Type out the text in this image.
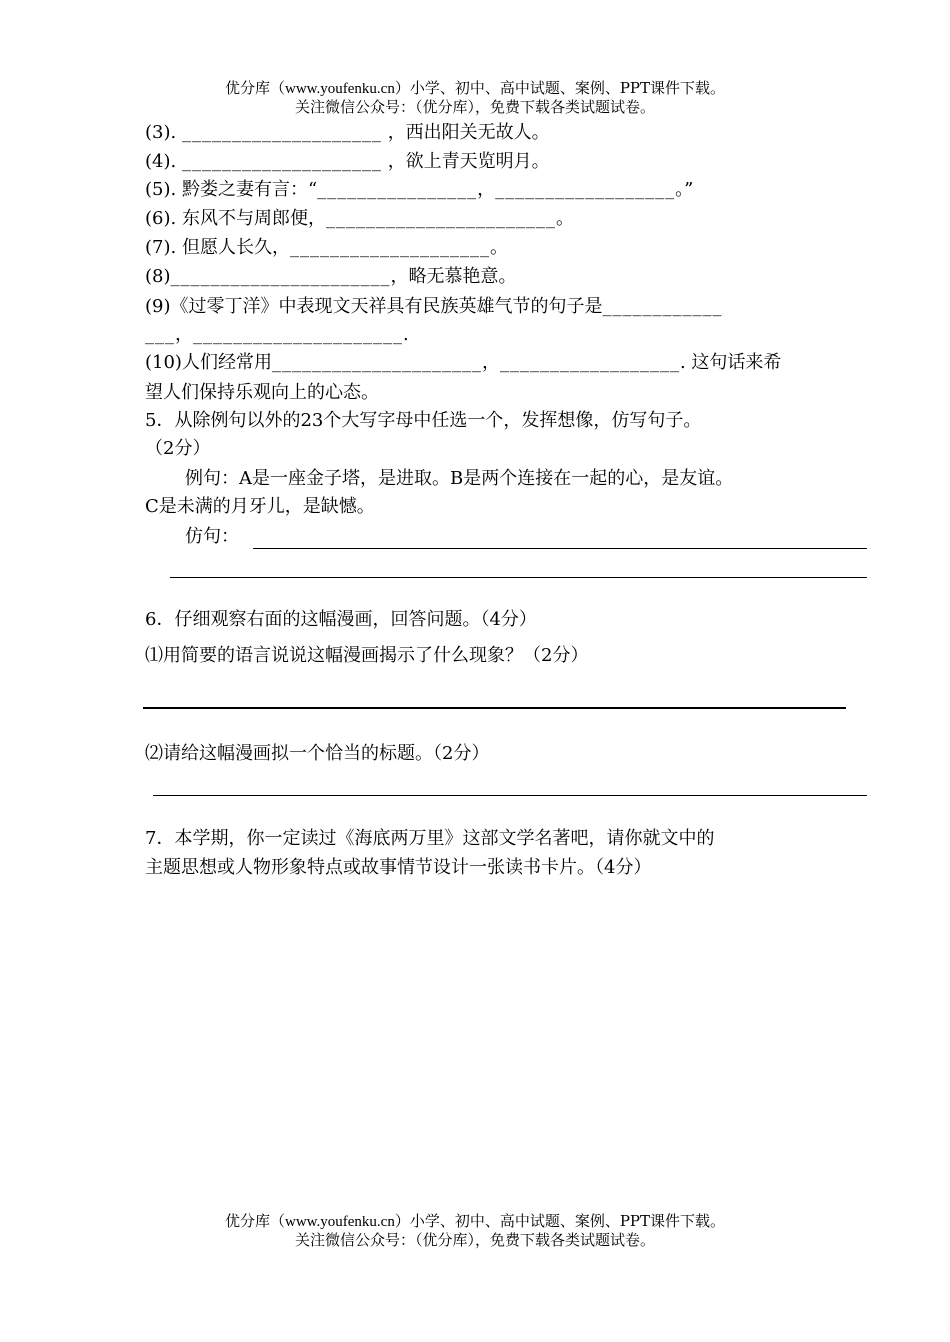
优分库（www.youfenku.cn）小学、初中、高中试题、案例、PPT课件下载。
关注微信公众号：（优分库），免费下载各类试题试卷。
(3). ____________________ ，西出阳关无故人。
(4). ____________________ ，欲上青天览明月。
(5). 黔娄之妻有言：“________________，__________________。”
(6). 东风不与周郎便，_______________________。
(7). 但愿人长久，____________________。
(8)______________________，略无慕艳意。
(9)《过零丁洋》中表现文天祥具有民族英雄气节的句子是____________
___，_____________________.
(10)人们经常用_____________________，__________________. 这句话来希
望人们保持乐观向上的心态。
5．从除例句以外的23个大写字母中任选一个，发挥想像，仿写句子。
（2分）
例句：A是一座金子塔，是进取。B是两个连接在一起的心，是友谊。
C是未满的月牙儿，是缺憾。
仿句：
6．仔细观察右面的这幅漫画，回答问题。（4分）
⑴用简要的语言说说这幅漫画揭示了什么现象？（2分）
⑵请给这幅漫画拟一个恰当的标题。（2分）
7．本学期，你一定读过《海底两万里》这部文学名著吧，请你就文中的
主题思想或人物形象特点或故事情节设计一张读书卡片。（4分）
优分库（www.youfenku.cn）小学、初中、高中试题、案例、PPT课件下载。
关注微信公众号：（优分库），免费下载各类试题试卷。
